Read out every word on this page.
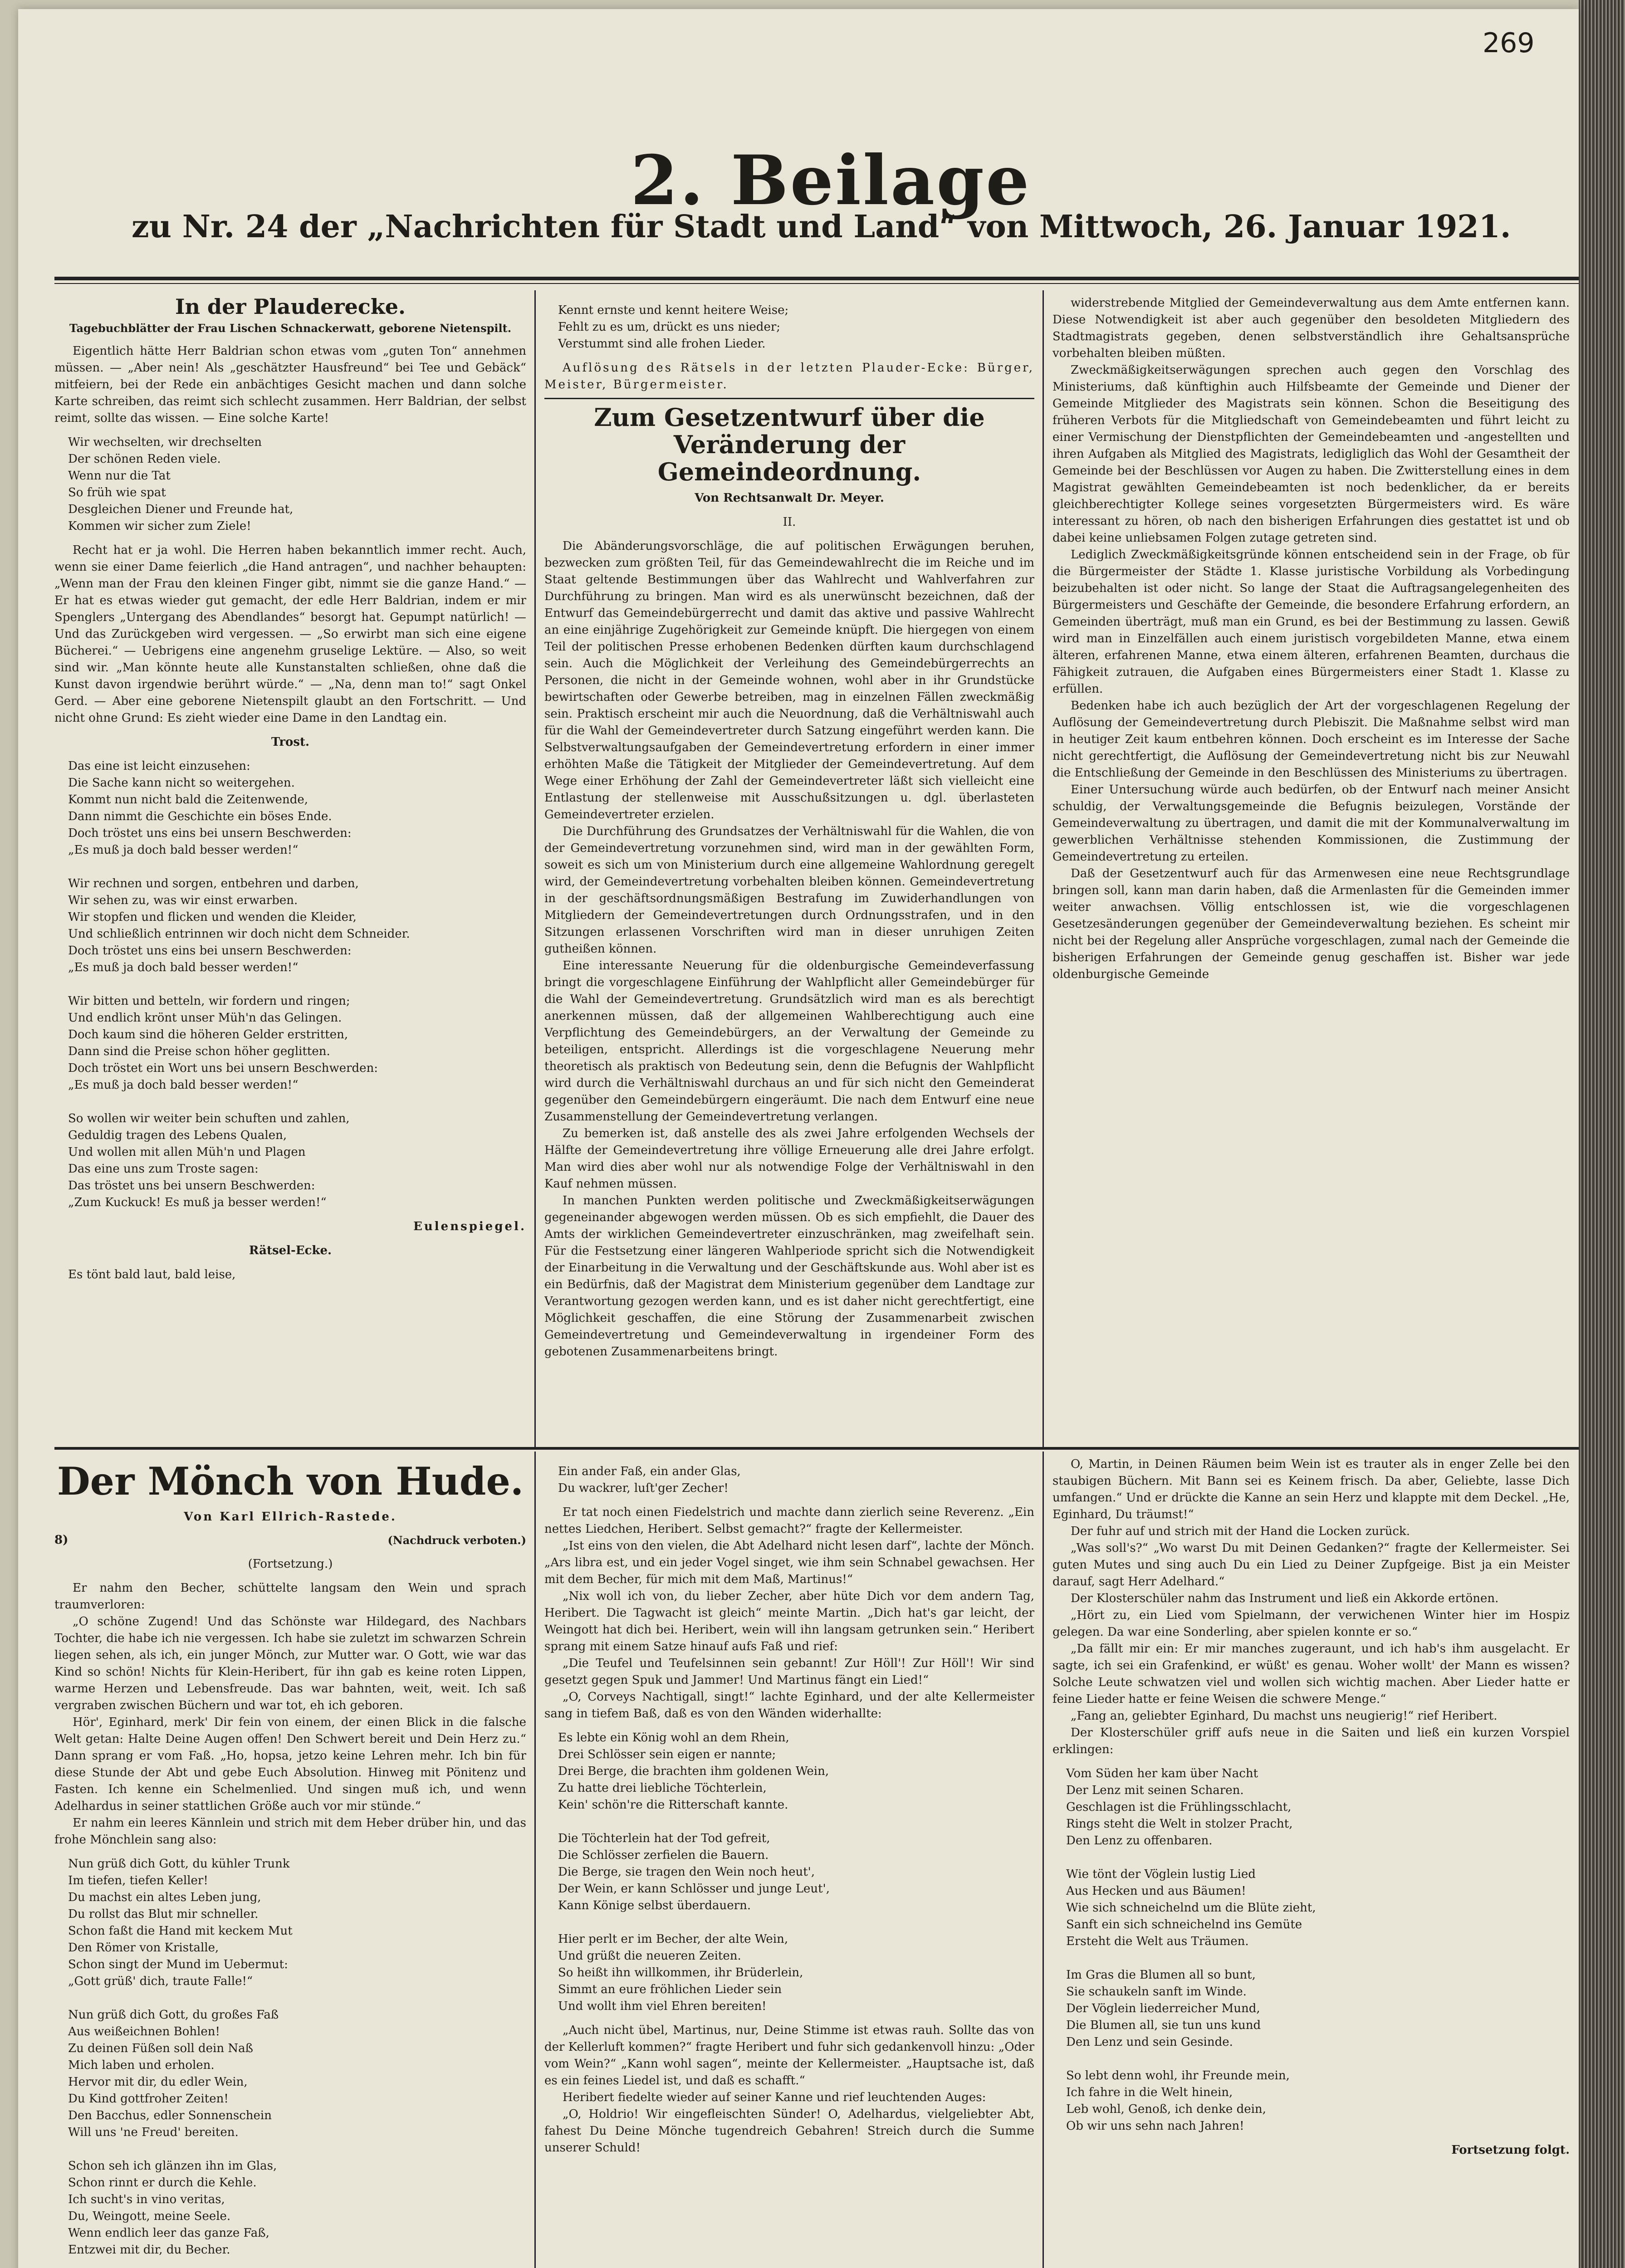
269
2. Beilage
zu Nr. 24 der „Nachrichten für Stadt und Land“ von Mittwoch, 26. Januar 1921.
In der Plauderecke.
Tagebuchblätter der Frau Lischen Schnackerwatt, geborene Nietenspilt.

Eigentlich hätte Herr Baldrian schon etwas vom „guten Ton“ annehmen müssen. — „Aber nein! Als „geschätzter Hausfreund“ bei Tee und Gebäck“ mitfeiern, bei der Rede ein anbächtiges Gesicht machen und dann solche Karte schreiben, das reimt sich schlecht zusammen. Herr Baldrian, der selbst reimt, sollte das wissen. — Eine solche Karte!

Wir wechselten, wir drechselten
Der schönen Reden viele.
Wenn nur die Tat
So früh wie spat
Desgleichen Diener und Freunde hat,
Kommen wir sicher zum Ziele!

Recht hat er ja wohl. Die Herren haben bekanntlich immer recht. Auch, wenn sie einer Dame feierlich „die Hand antragen“, und nachher behaupten: „Wenn man der Frau den kleinen Finger gibt, nimmt sie die ganze Hand.“ — Er hat es etwas wieder gut gemacht, der edle Herr Baldrian, indem er mir Spenglers „Untergang des Abendlandes“ besorgt hat. Gepumpt natürlich! — Und das Zurückgeben wird vergessen. — „So erwirbt man sich eine eigene Bücherei.“ — Uebrigens eine angenehm gruselige Lektüre. — Also, so weit sind wir. „Man könnte heute alle Kunstanstalten schließen, ohne daß die Kunst davon irgendwie berührt würde.“ — „Na, denn man to!“ sagt Onkel Gerd. — Aber eine geborene Nietenspilt glaubt an den Fortschritt. — Und nicht ohne Grund: Es zieht wieder eine Dame in den Landtag ein.

Trost.
Das eine ist leicht einzusehen:
Die Sache kann nicht so weitergehen.
Kommt nun nicht bald die Zeitenwende,
Dann nimmt die Geschichte ein böses Ende.
Doch tröstet uns eins bei unsern Beschwerden:
„Es muß ja doch bald besser werden!“

Wir rechnen und sorgen, entbehren und darben,
Wir sehen zu, was wir einst erwarben.
Wir stopfen und flicken und wenden die Kleider,
Und schließlich entrinnen wir doch nicht dem Schneider.
Doch tröstet uns eins bei unsern Beschwerden:
„Es muß ja doch bald besser werden!“

Wir bitten und betteln, wir fordern und ringen;
Und endlich krönt unser Müh'n das Gelingen.
Doch kaum sind die höheren Gelder erstritten,
Dann sind die Preise schon höher geglitten.
Doch tröstet ein Wort uns bei unsern Beschwerden:
„Es muß ja doch bald besser werden!“

So wollen wir weiter bein schuften und zahlen,
Geduldig tragen des Lebens Qualen,
Und wollen mit allen Müh'n und Plagen
Das eine uns zum Troste sagen:
Das tröstet uns bei unsern Beschwerden:
„Zum Kuckuck! Es muß ja besser werden!“
Eulenspiegel.
Rätsel-Ecke.
Es tönt bald laut, bald leise,
Kennt ernste und kennt heitere Weise;
Fehlt zu es um, drückt es uns nieder;
Verstummt sind alle frohen Lieder.

Auflösung des Rätsels in der letzten Plauder-Ecke: Bürger, Meister, Bürgermeister.

Zum Gesetzentwurf über die Veränderung der Gemeindeordnung.
Von Rechtsanwalt Dr. Meyer.
II.

Die Abänderungsvorschläge, die auf politischen Erwägungen beruhen, bezwecken zum größten Teil, für das Gemeindewahlrecht die im Reiche und im Staat geltende Bestimmungen über das Wahlrecht und Wahlverfahren zur Durchführung zu bringen. Man wird es als unerwünscht bezeichnen, daß der Entwurf das Gemeindebürgerrecht und damit das aktive und passive Wahlrecht an eine einjährige Zugehörigkeit zur Gemeinde knüpft. Die hiergegen von einem Teil der politischen Presse erhobenen Bedenken dürften kaum durchschlagend sein. Auch die Möglichkeit der Verleihung des Gemeindebürgerrechts an Personen, die nicht in der Gemeinde wohnen, wohl aber in ihr Grundstücke bewirtschaften oder Gewerbe betreiben, mag in einzelnen Fällen zweckmäßig sein. Praktisch erscheint mir auch die Neuordnung, daß die Verhältniswahl auch für die Wahl der Gemeindevertreter durch Satzung eingeführt werden kann. Die Selbstverwaltungsaufgaben der Gemeindevertretung erfordern in einer immer erhöhten Maße die Tätigkeit der Mitglieder der Gemeindevertretung. Auf dem Wege einer Erhöhung der Zahl der Gemeindevertreter läßt sich vielleicht eine Entlastung der stellenweise mit Ausschußsitzungen u. dgl. überlasteten Gemeindevertreter erzielen.

Die Durchführung des Grundsatzes der Verhältniswahl für die Wahlen, die von der Gemeindevertretung vorzunehmen sind, wird man in der gewählten Form, soweit es sich um von Ministerium durch eine allgemeine Wahlordnung geregelt wird, der Gemeindevertretung vorbehalten bleiben können. Gemeindevertretung in der geschäftsordnungsmäßigen Bestrafung im Zuwiderhandlungen von Mitgliedern der Gemeindevertretungen durch Ordnungsstrafen, und in den Sitzungen erlassenen Vorschriften wird man in dieser unruhigen Zeiten gutheißen können.

Eine interessante Neuerung für die oldenburgische Gemeindeverfassung bringt die vorgeschlagene Einführung der Wahlpflicht aller Gemeindebürger für die Wahl der Gemeindevertretung. Grundsätzlich wird man es als berechtigt anerkennen müssen, daß der allgemeinen Wahlberechtigung auch eine Verpflichtung des Gemeindebürgers, an der Verwaltung der Gemeinde zu beteiligen, entspricht. Allerdings ist die vorgeschlagene Neuerung mehr theoretisch als praktisch von Bedeutung sein, denn die Befugnis der Wahlpflicht wird durch die Verhältniswahl durchaus an und für sich nicht den Gemeinderat gegenüber den Gemeindebürgern eingeräumt. Die nach dem Entwurf eine neue Zusammenstellung der Gemeindevertretung verlangen.

Zu bemerken ist, daß anstelle des als zwei Jahre erfolgenden Wechsels der Hälfte der Gemeindevertretung ihre völlige Erneuerung alle drei Jahre erfolgt. Man wird dies aber wohl nur als notwendige Folge der Verhältniswahl in den Kauf nehmen müssen.

In manchen Punkten werden politische und Zweckmäßigkeitserwägungen gegeneinander abgewogen werden müssen. Ob es sich empfiehlt, die Dauer des Amts der wirklichen Gemeindevertreter einzuschränken, mag zweifelhaft sein. Für die Festsetzung einer längeren Wahlperiode spricht sich die Notwendigkeit der Einarbeitung in die Verwaltung und der Geschäftskunde aus. Wohl aber ist es ein Bedürfnis, daß der Magistrat dem Ministerium gegenüber dem Landtage zur Verantwortung gezogen werden kann, und es ist daher nicht gerechtfertigt, eine Möglichkeit geschaffen, die eine Störung der Zusammenarbeit zwischen Gemeindevertretung und Gemeindeverwaltung in irgendeiner Form des gebotenen Zusammenarbeitens bringt.

widerstrebende Mitglied der Gemeindeverwaltung aus dem Amte entfernen kann. Diese Notwendigkeit ist aber auch gegenüber den besoldeten Mitgliedern des Stadtmagistrats gegeben, denen selbstverständlich ihre Gehaltsansprüche vorbehalten bleiben müßten.

Zweckmäßigkeitserwägungen sprechen auch gegen den Vorschlag des Ministeriums, daß künftighin auch Hilfsbeamte der Gemeinde und Diener der Gemeinde Mitglieder des Magistrats sein können. Schon die Beseitigung des früheren Verbots für die Mitgliedschaft von Gemeindebeamten und führt leicht zu einer Vermischung der Dienstpflichten der Gemeindebeamten und -angestellten und ihren Aufgaben als Mitglied des Magistrats, ledigliglich das Wohl der Gesamtheit der Gemeinde bei der Beschlüssen vor Augen zu haben. Die Zwitterstellung eines in dem Magistrat gewählten Gemeindebeamten ist noch bedenklicher, da er bereits gleichberechtigter Kollege seines vorgesetzten Bürgermeisters wird. Es wäre interessant zu hören, ob nach den bisherigen Erfahrungen dies gestattet ist und ob dabei keine unliebsamen Folgen zutage getreten sind.

Lediglich Zweckmäßigkeitsgründe können entscheidend sein in der Frage, ob für die Bürgermeister der Städte 1. Klasse juristische Vorbildung als Vorbedingung beizubehalten ist oder nicht. So lange der Staat die Auftragsangelegenheiten des Bürgermeisters und Geschäfte der Gemeinde, die besondere Erfahrung erfordern, an Gemeinden überträgt, muß man ein Grund, es bei der Bestimmung zu lassen. Gewiß wird man in Einzelfällen auch einem juristisch vorgebildeten Manne, etwa einem älteren, erfahrenen Manne, etwa einem älteren, erfahrenen Beamten, durchaus die Fähigkeit zutrauen, die Aufgaben eines Bürgermeisters einer Stadt 1. Klasse zu erfüllen.

Bedenken habe ich auch bezüglich der Art der vorgeschlagenen Regelung der Auflösung der Gemeindevertretung durch Plebiszit. Die Maßnahme selbst wird man in heutiger Zeit kaum entbehren können. Doch erscheint es im Interesse der Sache nicht gerechtfertigt, die Auflösung der Gemeindevertretung nicht bis zur Neuwahl die Entschließung der Gemeinde in den Beschlüssen des Ministeriums zu übertragen.

Einer Untersuchung würde auch bedürfen, ob der Entwurf nach meiner Ansicht schuldig, der Verwaltungsgemeinde die Befugnis beizulegen, Vorstände der Gemeindeverwaltung zu übertragen, und damit die mit der Kommunalverwaltung im gewerblichen Verhältnisse stehenden Kommissionen, die Zustimmung der Gemeindevertretung zu erteilen.

Daß der Gesetzentwurf auch für das Armenwesen eine neue Rechtsgrundlage bringen soll, kann man darin haben, daß die Armenlasten für die Gemeinden immer weiter anwachsen. Völlig entschlossen ist, wie die vorgeschlagenen Gesetzesänderungen gegenüber der Gemeindeverwaltung beziehen. Es scheint mir nicht bei der Regelung aller Ansprüche vorgeschlagen, zumal nach der Gemeinde die bisherigen Erfahrungen der Gemeinde genug geschaffen ist. Bisher war jede oldenburgische Gemeinde

Der Mönch von Hude.
Von Karl Ellrich-Rastede.
8)	(Nachdruck verboten.)
(Fortsetzung.)

Er nahm den Becher, schüttelte langsam den Wein und sprach traumverloren:

„O schöne Zugend! Und das Schönste war Hildegard, des Nachbars Tochter, die habe ich nie vergessen. Ich habe sie zuletzt im schwarzen Schrein liegen sehen, als ich, ein junger Mönch, zur Mutter war. O Gott, wie war das Kind so schön! Nichts für Klein-Heribert, für ihn gab es keine roten Lippen, warme Herzen und Lebensfreude. Das war bahnten, weit, weit. Ich saß vergraben zwischen Büchern und war tot, eh ich geboren.

Hör', Eginhard, merk' Dir fein von einem, der einen Blick in die falsche Welt getan: Halte Deine Augen offen! Den Schwert bereit und Dein Herz zu.“ Dann sprang er vom Faß. „Ho, hopsa, jetzo keine Lehren mehr. Ich bin für diese Stunde der Abt und gebe Euch Absolution. Hinweg mit Pönitenz und Fasten. Ich kenne ein Schelmenlied. Und singen muß ich, und wenn Adelhardus in seiner stattlichen Größe auch vor mir stünde.“

Er nahm ein leeres Kännlein und strich mit dem Heber drüber hin, und das frohe Mönchlein sang also:

Nun grüß dich Gott, du kühler Trunk
Im tiefen, tiefen Keller!
Du machst ein altes Leben jung,
Du rollst das Blut mir schneller.
Schon faßt die Hand mit keckem Mut
Den Römer von Kristalle,
Schon singt der Mund im Uebermut:
„Gott grüß' dich, traute Falle!“

Nun grüß dich Gott, du großes Faß
Aus weißeichnen Bohlen!
Zu deinen Füßen soll dein Naß
Mich laben und erholen.
Hervor mit dir, du edler Wein,
Du Kind gottfroher Zeiten!
Den Bacchus, edler Sonnenschein
Will uns 'ne Freud' bereiten.

Schon seh ich glänzen ihn im Glas,
Schon rinnt er durch die Kehle.
Ich sucht's in vino veritas,
Du, Weingott, meine Seele.
Wenn endlich leer das ganze Faß,
Entzwei mit dir, du Becher.
Ein ander Faß, ein ander Glas,
Du wackrer, luſt'ger Zecher!

Er tat noch einen Fiedelstrich und machte dann zierlich seine Reverenz. „Ein nettes Liedchen, Heribert. Selbst gemacht?“ fragte der Kellermeister.

„Ist eins von den vielen, die Abt Adelhard nicht lesen darf“, lachte der Mönch. „Ars libra est, und ein jeder Vogel singet, wie ihm sein Schnabel gewachsen. Her mit dem Becher, für mich mit dem Maß, Martinus!“

„Nix woll ich von, du lieber Zecher, aber hüte Dich vor dem andern Tag, Heribert. Die Tagwacht ist gleich“ meinte Martin. „Dich hat's gar leicht, der Weingott hat dich bei. Heribert, wein will ihn langsam getrunken sein.“ Heribert sprang mit einem Satze hinauf aufs Faß und rief:

„Die Teufel und Teufelsinnen sein gebannt! Zur Höll'! Zur Höll'! Wir sind gesetzt gegen Spuk und Jammer! Und Martinus fängt ein Lied!“

„O, Corveys Nachtigall, singt!“ lachte Eginhard, und der alte Kellermeister sang in tiefem Baß, daß es von den Wänden widerhallte:

Es lebte ein König wohl an dem Rhein,
Drei Schlösser sein eigen er nannte;
Drei Berge, die brachten ihm goldenen Wein,
Zu hatte drei liebliche Töchterlein,
Kein' schön're die Ritterschaft kannte.

Die Töchterlein hat der Tod gefreit,
Die Schlösser zerfielen die Bauern.
Die Berge, sie tragen den Wein noch heut',
Der Wein, er kann Schlösser und junge Leut',
Kann Könige selbst überdauern.

Hier perlt er im Becher, der alte Wein,
Und grüßt die neueren Zeiten.
So heißt ihn willkommen, ihr Brüderlein,
Simmt an eure fröhlichen Lieder sein
Und wollt ihm viel Ehren bereiten!

„Auch nicht übel, Martinus, nur, Deine Stimme ist etwas rauh. Sollte das von der Kellerluft kommen?“ fragte Heribert und fuhr sich gedankenvoll hinzu: „Oder vom Wein?“ „Kann wohl sagen“, meinte der Kellermeister. „Hauptsache ist, daß es ein feines Liedel ist, und daß es schafft.“

Heribert fiedelte wieder auf seiner Kanne und rief leuchtenden Auges:

„O, Holdrio! Wir eingefleischten Sünder! O, Adelhardus, vielgeliebter Abt, fahest Du Deine Mönche tugendreich Gebahren! Streich durch die Summe unserer Schuld!

O, Martin, in Deinen Räumen beim Wein ist es trauter als in enger Zelle bei den staubigen Büchern. Mit Bann sei es Keinem frisch. Da aber, Geliebte, lasse Dich umfangen.“ Und er drückte die Kanne an sein Herz und klappte mit dem Deckel. „He, Eginhard, Du träumst!“

Der fuhr auf und strich mit der Hand die Locken zurück.

„Was soll's?“ „Wo warst Du mit Deinen Gedanken?“ fragte der Kellermeister. Sei guten Mutes und sing auch Du ein Lied zu Deiner Zupfgeige. Bist ja ein Meister darauf, sagt Herr Adelhard.“

Der Klosterschüler nahm das Instrument und ließ ein Akkorde ertönen.

„Hört zu, ein Lied vom Spielmann, der verwichenen Winter hier im Hospiz gelegen. Da war eine Sonderling, aber spielen konnte er so.“

„Da fällt mir ein: Er mir manches zugeraunt, und ich hab's ihm ausgelacht. Er sagte, ich sei ein Grafenkind, er wüßt' es genau. Woher wollt' der Mann es wissen? Solche Leute schwatzen viel und wollen sich wichtig machen. Aber Lieder hatte er feine Lieder hatte er feine Weisen die schwere Menge.“

„Fang an, geliebter Eginhard, Du machst uns neugierig!“ rief Heribert.

Der Klosterschüler griff aufs neue in die Saiten und ließ ein kurzen Vorspiel erklingen:

Vom Süden her kam über Nacht
Der Lenz mit seinen Scharen.
Geschlagen ist die Frühlingsschlacht,
Rings steht die Welt in stolzer Pracht,
Den Lenz zu offenbaren.

Wie tönt der Vöglein lustig Lied
Aus Hecken und aus Bäumen!
Wie sich schneichelnd um die Blüte zieht,
Sanft ein sich schneichelnd ins Gemüte
Ersteht die Welt aus Träumen.

Im Gras die Blumen all so bunt,
Sie schaukeln sanft im Winde.
Der Vöglein liederreicher Mund,
Die Blumen all, sie tun uns kund
Den Lenz und sein Gesinde.

So lebt denn wohl, ihr Freunde mein,
Ich fahre in die Welt hinein,
Leb wohl, Genoß, ich denke dein,
Ob wir uns sehn nach Jahren!
Fortsetzung folgt.
